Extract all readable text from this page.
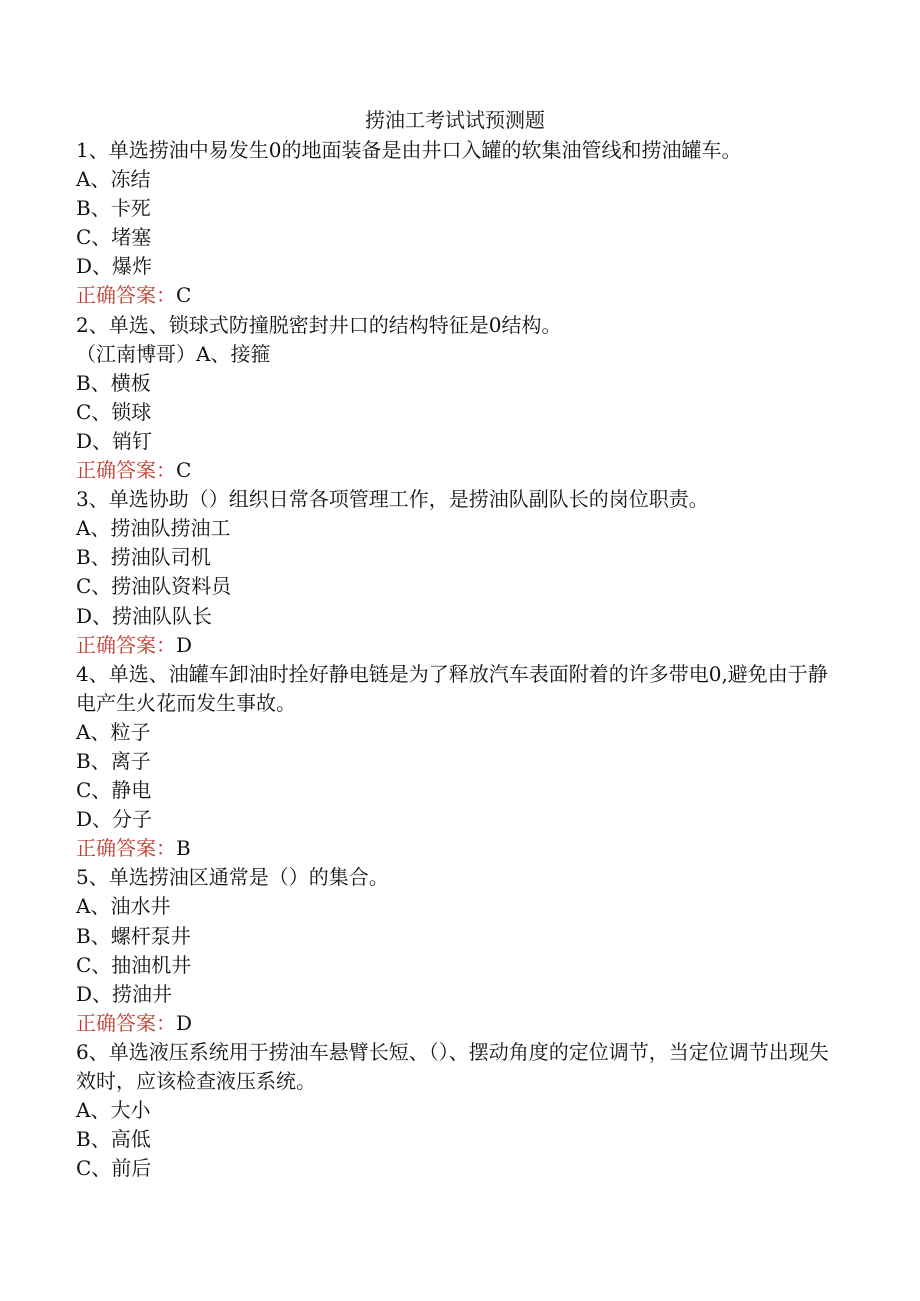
捞油工考试试预测题
1、单选捞油中易发生0的地面装备是由井口入罐的软集油管线和捞油罐车。
A、冻结
B、卡死
C、堵塞
D、爆炸
正确答案：C
2、单选、锁球式防撞脱密封井口的结构特征是0结构。
（江南博哥）A、接箍
B、横板
C、锁球
D、销钉
正确答案：C
3、单选协助（）组织日常各项管理工作，是捞油队副队长的岗位职责。
A、捞油队捞油工
B、捞油队司机
C、捞油队资料员
D、捞油队队长
正确答案：D
4、单选、油罐车卸油时拴好静电链是为了释放汽车表面附着的许多带电0,避免由于静电产生火花而发生事故。
A、粒子
B、离子
C、静电
D、分子
正确答案：B
5、单选捞油区通常是（）的集合。
A、油水井
B、螺杆泵井
C、抽油机井
D、捞油井
正确答案：D
6、单选液压系统用于捞油车悬臂长短、（）、摆动角度的定位调节，当定位调节出现失效时，应该检查液压系统。
A、大小
B、高低
C、前后
